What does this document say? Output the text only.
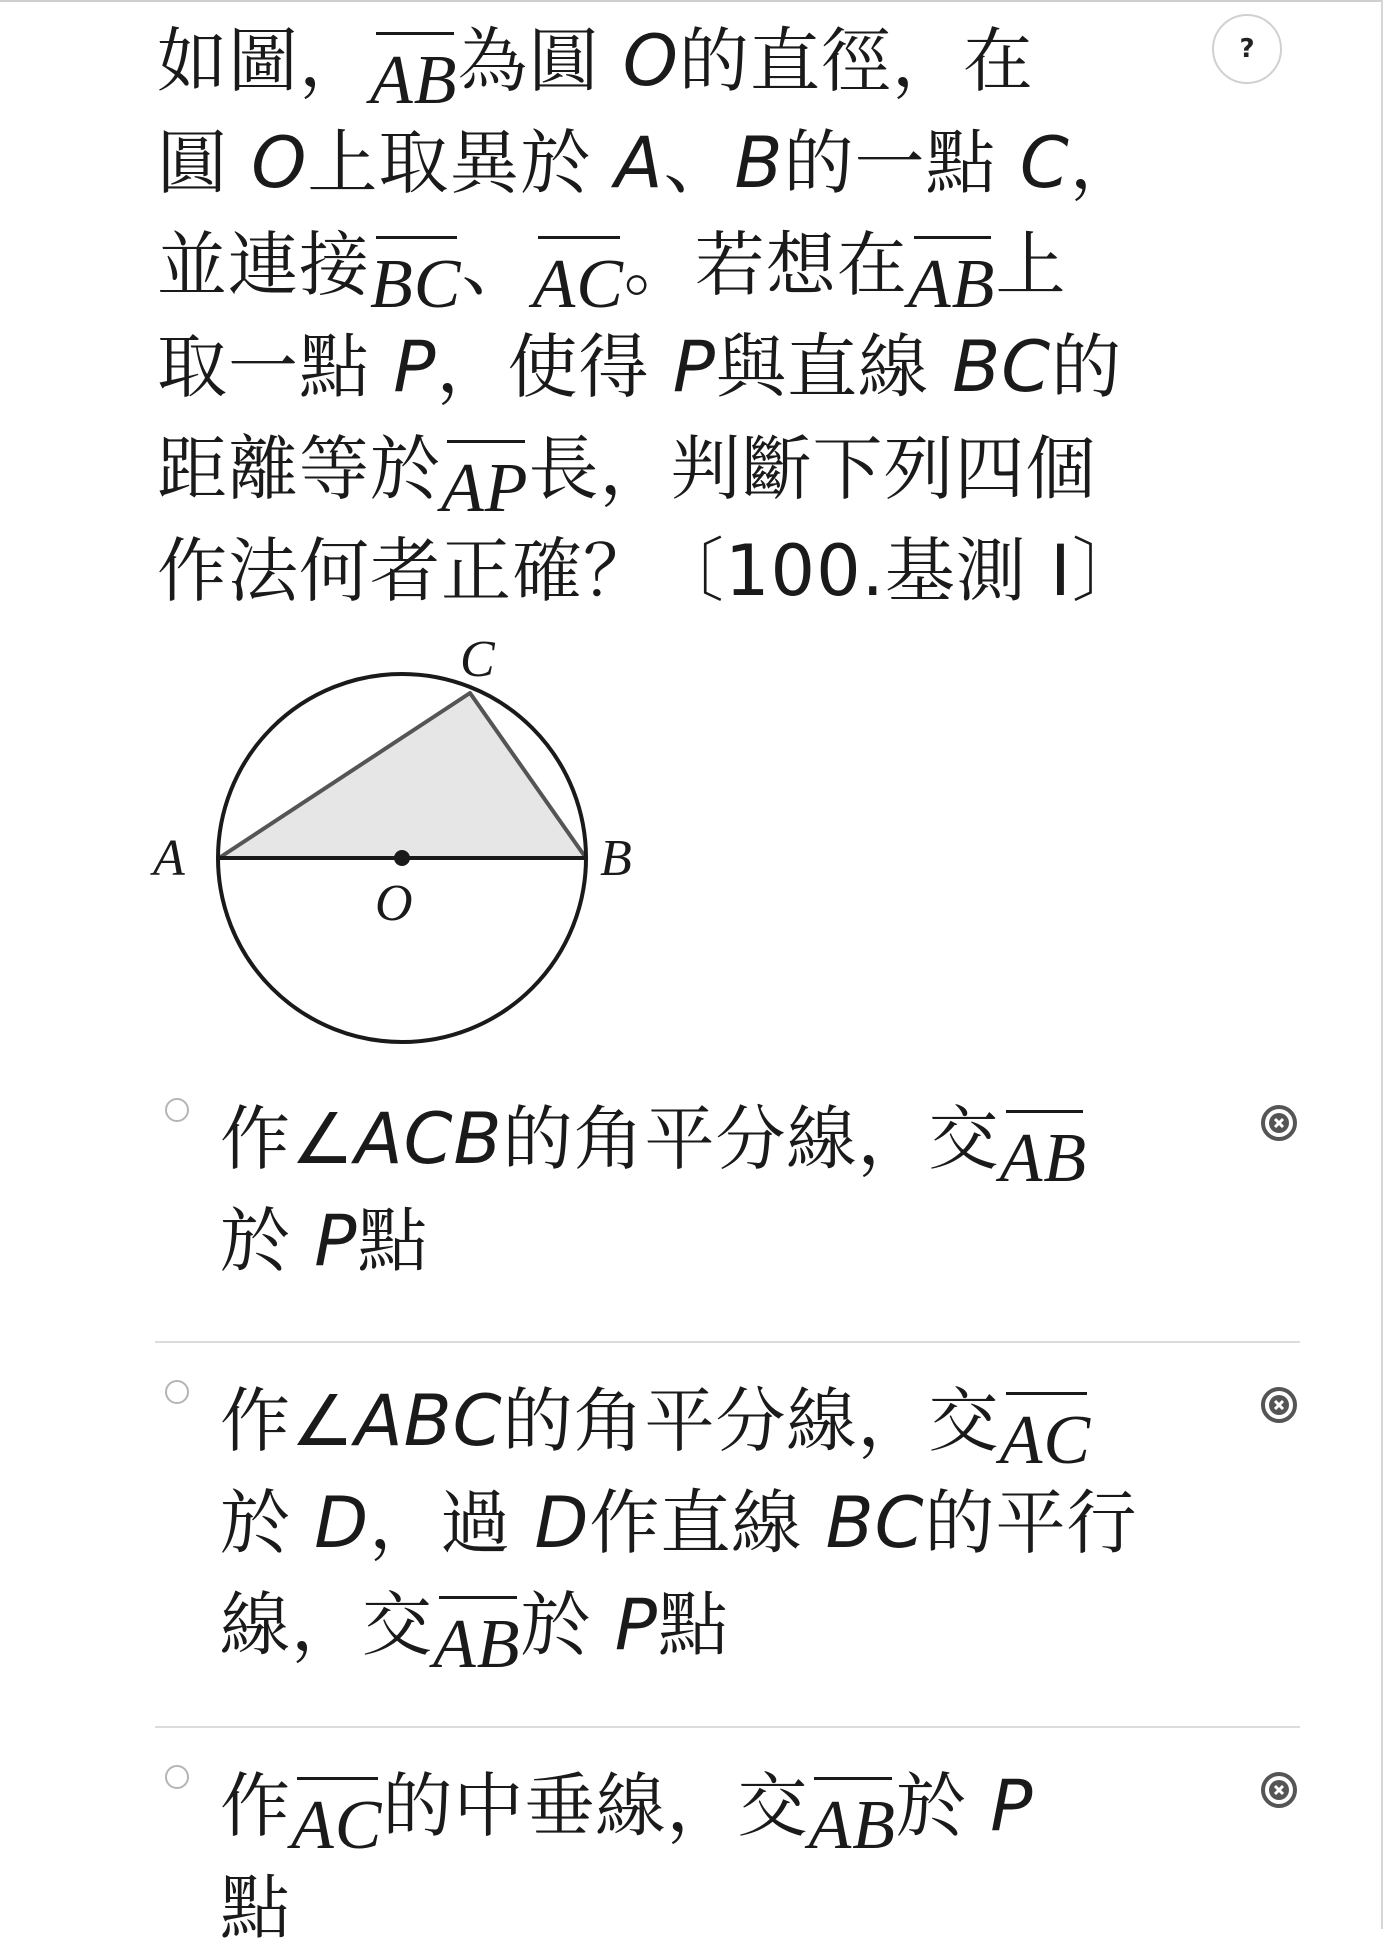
?
如圖，AB為圓 O的直徑，在
圓 O上取異於 A、B的一點 C，
並連接BC、AC。若想在AB上
取一點 P，使得 P與直線 BC的
距離等於AP長，判斷下列四個
作法何者正確？〔100.基測 I〕
C
A	B
O
作∠ACB的角平分線，交AB
於 P點
作∠ABC的角平分線，交AC
於 D，過 D作直線 BC的平行
線，交AB於 P點
作AC的中垂線，交AB於 P
點
